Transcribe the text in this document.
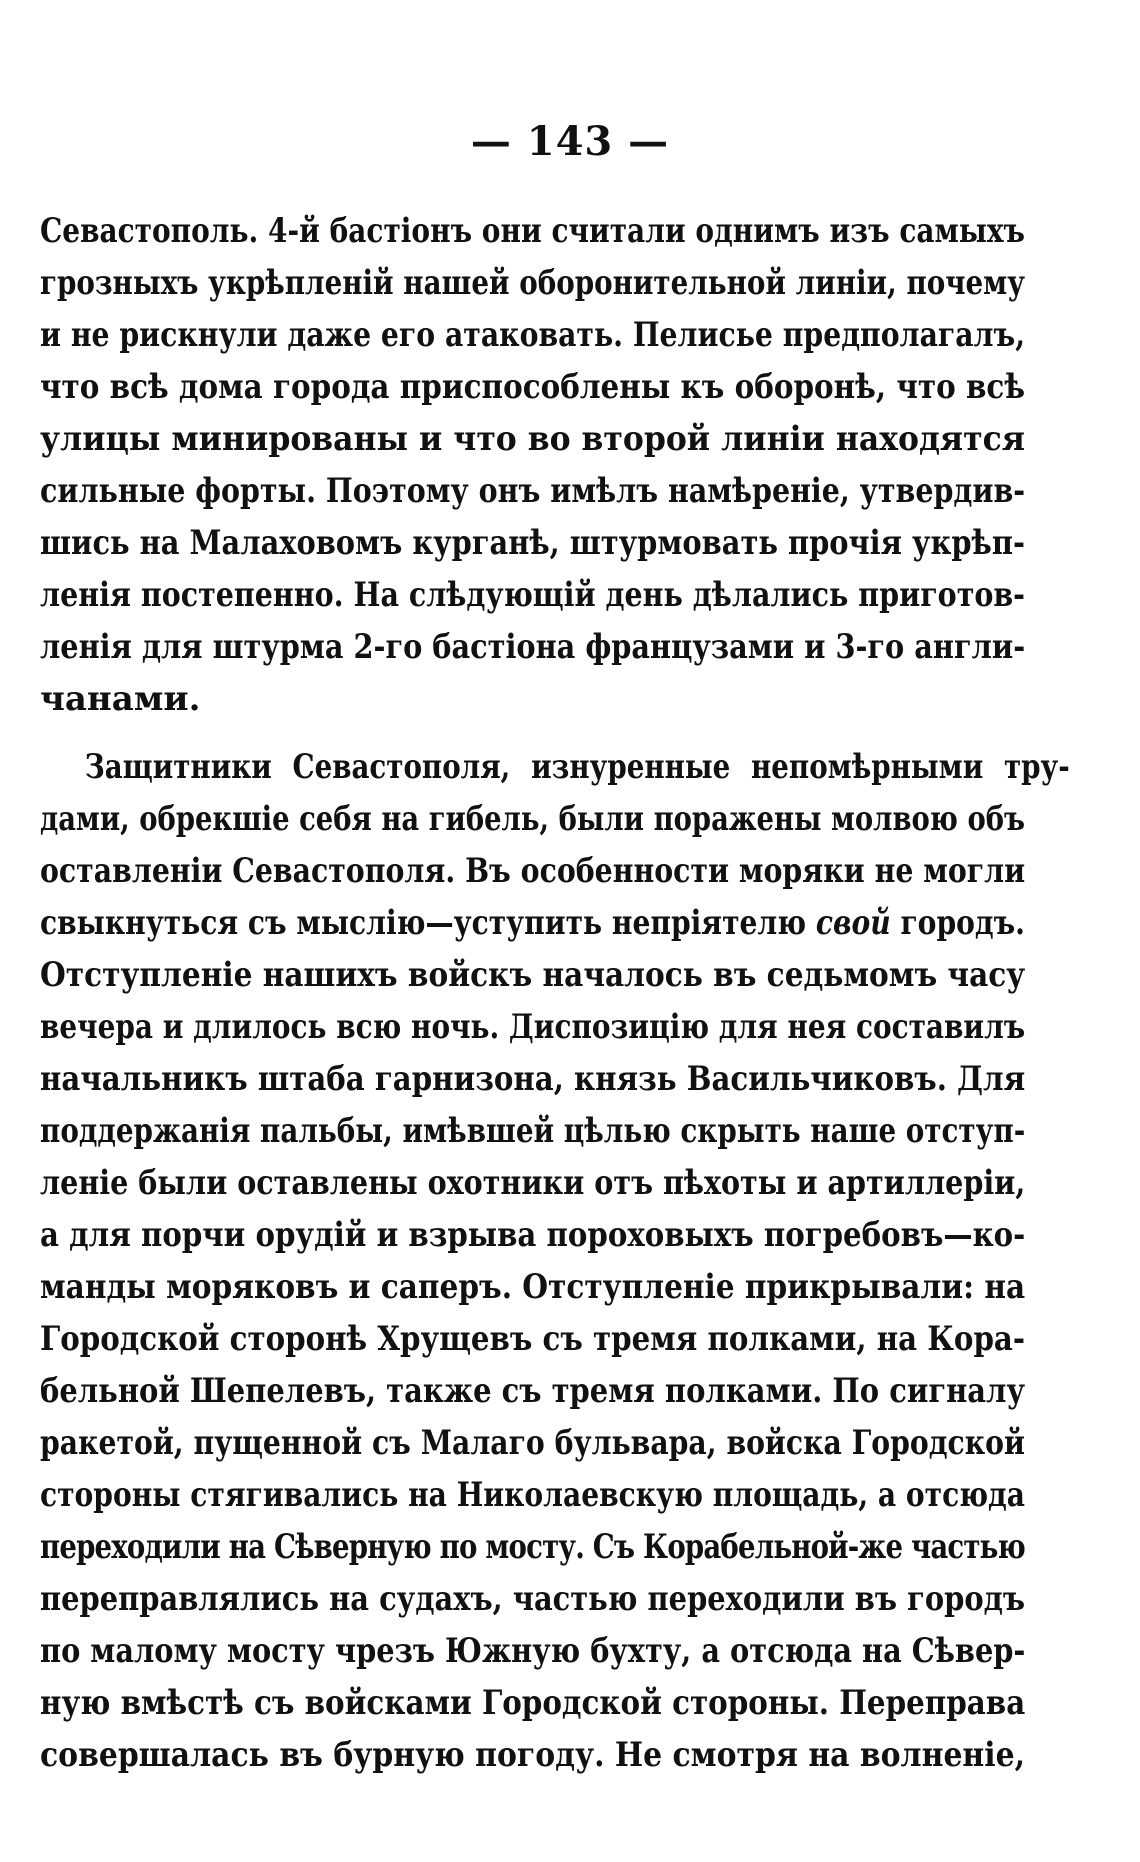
— 143 —
Севастополь. 4-й бастіонъ они считали однимъ изъ самыхъ
грозныхъ укрѣпленій нашей оборонительной линіи, почему
и не рискнули даже его атаковать. Пелисье предполагалъ,
что всѣ дома города приспособлены къ оборонѣ, что всѣ
улицы минированы и что во второй линіи находятся
сильные форты. Поэтому онъ имѣлъ намѣреніе, утвердив-
шись на Малаховомъ курганѣ, штурмовать прочія укрѣп-
ленія постепенно. На слѣдующій день дѣлались приготов-
ленія для штурма 2-го бастіона французами и 3-го англи-
чанами.
Защитники Севастополя, изнуренные непомѣрными тру-
дами, обрекшіе себя на гибель, были поражены молвою объ
оставленіи Севастополя. Въ особенности моряки не могли
свыкнуться съ мыслію—уступить непріятелю свой городъ.
Отступленіе нашихъ войскъ началось въ седьмомъ часу
вечера и длилось всю ночь. Диспозицію для нея составилъ
начальникъ штаба гарнизона, князь Васильчиковъ. Для
поддержанія пальбы, имѣвшей цѣлью скрыть наше отступ-
леніе были оставлены охотники отъ пѣхоты и артиллеріи,
а для порчи орудій и взрыва пороховыхъ погребовъ—ко-
манды моряковъ и саперъ. Отступленіе прикрывали: на
Городской сторонѣ Хрущевъ съ тремя полками, на Кора-
бельной Шепелевъ, также съ тремя полками. По сигналу
ракетой, пущенной съ Малаго бульвара, войска Городской
стороны стягивались на Николаевскую площадь, а отсюда
переходили на Сѣверную по мосту. Съ Корабельной-же частью
переправлялись на судахъ, частью переходили въ городъ
по малому мосту чрезъ Южную бухту, а отсюда на Сѣвер-
ную вмѣстѣ съ войсками Городской стороны. Переправа
совершалась въ бурную погоду. Не смотря на волненіе,
